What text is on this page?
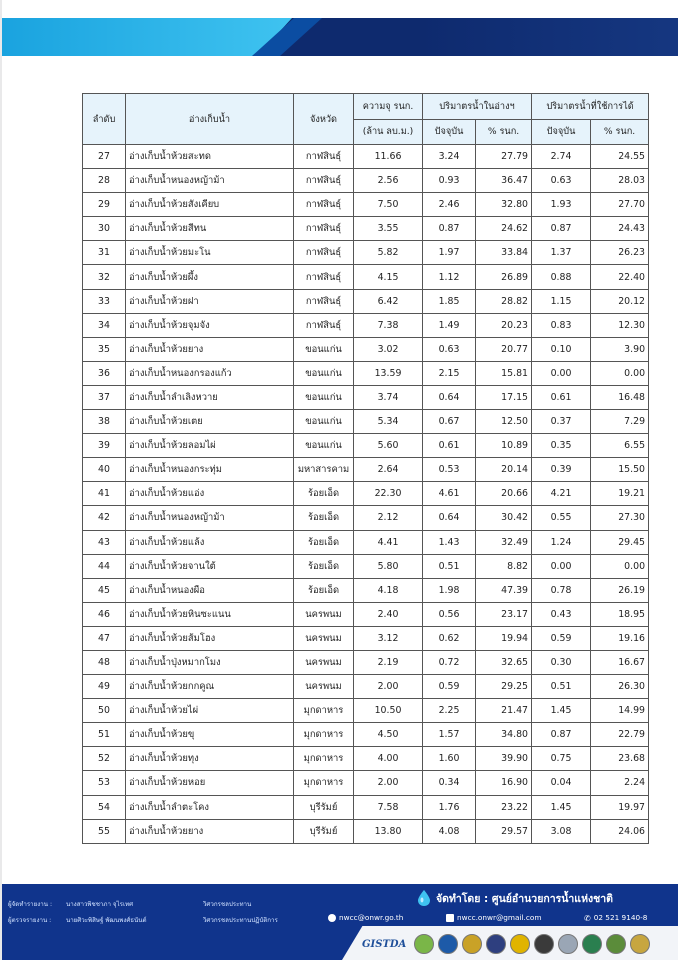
ลำดับ	อ่างเก็บน้ำ	จังหวัด	ความจุ รนก.	ปริมาตรน้ำในอ่างฯ		ปริมาตรน้ำที่ใช้การได้	
			(ล้าน ลบ.ม.)	ปัจจุบัน	% รนก.	ปัจจุบัน	% รนก.
27	อ่างเก็บน้ำห้วยสะทด	กาฬสินธุ์	11.66	3.24	27.79	2.74	24.55
28	อ่างเก็บน้ำหนองหญ้าม้า	กาฬสินธุ์	2.56	0.93	36.47	0.63	28.03
29	อ่างเก็บน้ำห้วยสังเคียบ	กาฬสินธุ์	7.50	2.46	32.80	1.93	27.70
30	อ่างเก็บน้ำห้วยสีทน	กาฬสินธุ์	3.55	0.87	24.62	0.87	24.43
31	อ่างเก็บน้ำห้วยมะโน	กาฬสินธุ์	5.82	1.97	33.84	1.37	26.23
32	อ่างเก็บน้ำห้วยผึ้ง	กาฬสินธุ์	4.15	1.12	26.89	0.88	22.40
33	อ่างเก็บน้ำห้วยฝา	กาฬสินธุ์	6.42	1.85	28.82	1.15	20.12
34	อ่างเก็บน้ำห้วยจุมจัง	กาฬสินธุ์	7.38	1.49	20.23	0.83	12.30
35	อ่างเก็บน้ำห้วยยาง	ขอนแก่น	3.02	0.63	20.77	0.10	3.90
36	อ่างเก็บน้ำหนองกรองแก้ว	ขอนแก่น	13.59	2.15	15.81	0.00	0.00
37	อ่างเก็บน้ำลำเลิงหวาย	ขอนแก่น	3.74	0.64	17.15	0.61	16.48
38	อ่างเก็บน้ำห้วยเตย	ขอนแก่น	5.34	0.67	12.50	0.37	7.29
39	อ่างเก็บน้ำห้วยลอมไผ่	ขอนแก่น	5.60	0.61	10.89	0.35	6.55
40	อ่างเก็บน้ำหนองกระทุ่ม	มหาสารคาม	2.64	0.53	20.14	0.39	15.50
41	อ่างเก็บน้ำห้วยแอ่ง	ร้อยเอ็ด	22.30	4.61	20.66	4.21	19.21
42	อ่างเก็บน้ำหนองหญ้าม้า	ร้อยเอ็ด	2.12	0.64	30.42	0.55	27.30
43	อ่างเก็บน้ำห้วยแล้ง	ร้อยเอ็ด	4.41	1.43	32.49	1.24	29.45
44	อ่างเก็บน้ำห้วยจานใต้	ร้อยเอ็ด	5.80	0.51	8.82	0.00	0.00
45	อ่างเก็บน้ำหนองผือ	ร้อยเอ็ด	4.18	1.98	47.39	0.78	26.19
46	อ่างเก็บน้ำห้วยหินซะแนน	นครพนม	2.40	0.56	23.17	0.43	18.95
47	อ่างเก็บน้ำห้วยส้มโฮง	นครพนม	3.12	0.62	19.94	0.59	19.16
48	อ่างเก็บน้ำปุ่งหมากโมง	นครพนม	2.19	0.72	32.65	0.30	16.67
49	อ่างเก็บน้ำห้วยกกคูณ	นครพนม	2.00	0.59	29.25	0.51	26.30
50	อ่างเก็บน้ำห้วยไผ่	มุกดาหาร	10.50	2.25	21.47	1.45	14.99
51	อ่างเก็บน้ำห้วยขุ	มุกดาหาร	4.50	1.57	34.80	0.87	22.79
52	อ่างเก็บน้ำห้วยทุง	มุกดาหาร	4.00	1.60	39.90	0.75	23.68
53	อ่างเก็บน้ำห้วยหอย	มุกดาหาร	2.00	0.34	16.90	0.04	2.24
54	อ่างเก็บน้ำลำตะโคง	บุรีรัมย์	7.58	1.76	23.22	1.45	19.97
55	อ่างเก็บน้ำห้วยยาง	บุรีรัมย์	13.80	4.08	29.57	3.08	24.06
ผู้จัดทำรายงาน : นางสาวพิชชาภา จุไรเทศ	วิศวกรชลประทาน
ผู้ตรวจรายงาน : นายศิวะพิสิษฐ์ พัฒนพงศ์ธนันต์	วิศวกรชลประทานปฏิบัติการ
จัดทำโดย : ศูนย์อำนวยการน้ำแห่งชาติ
nwcc@onwr.go.th	nwcc.onwr@gmail.com	✆ 02 521 9140-8
GISTDA
